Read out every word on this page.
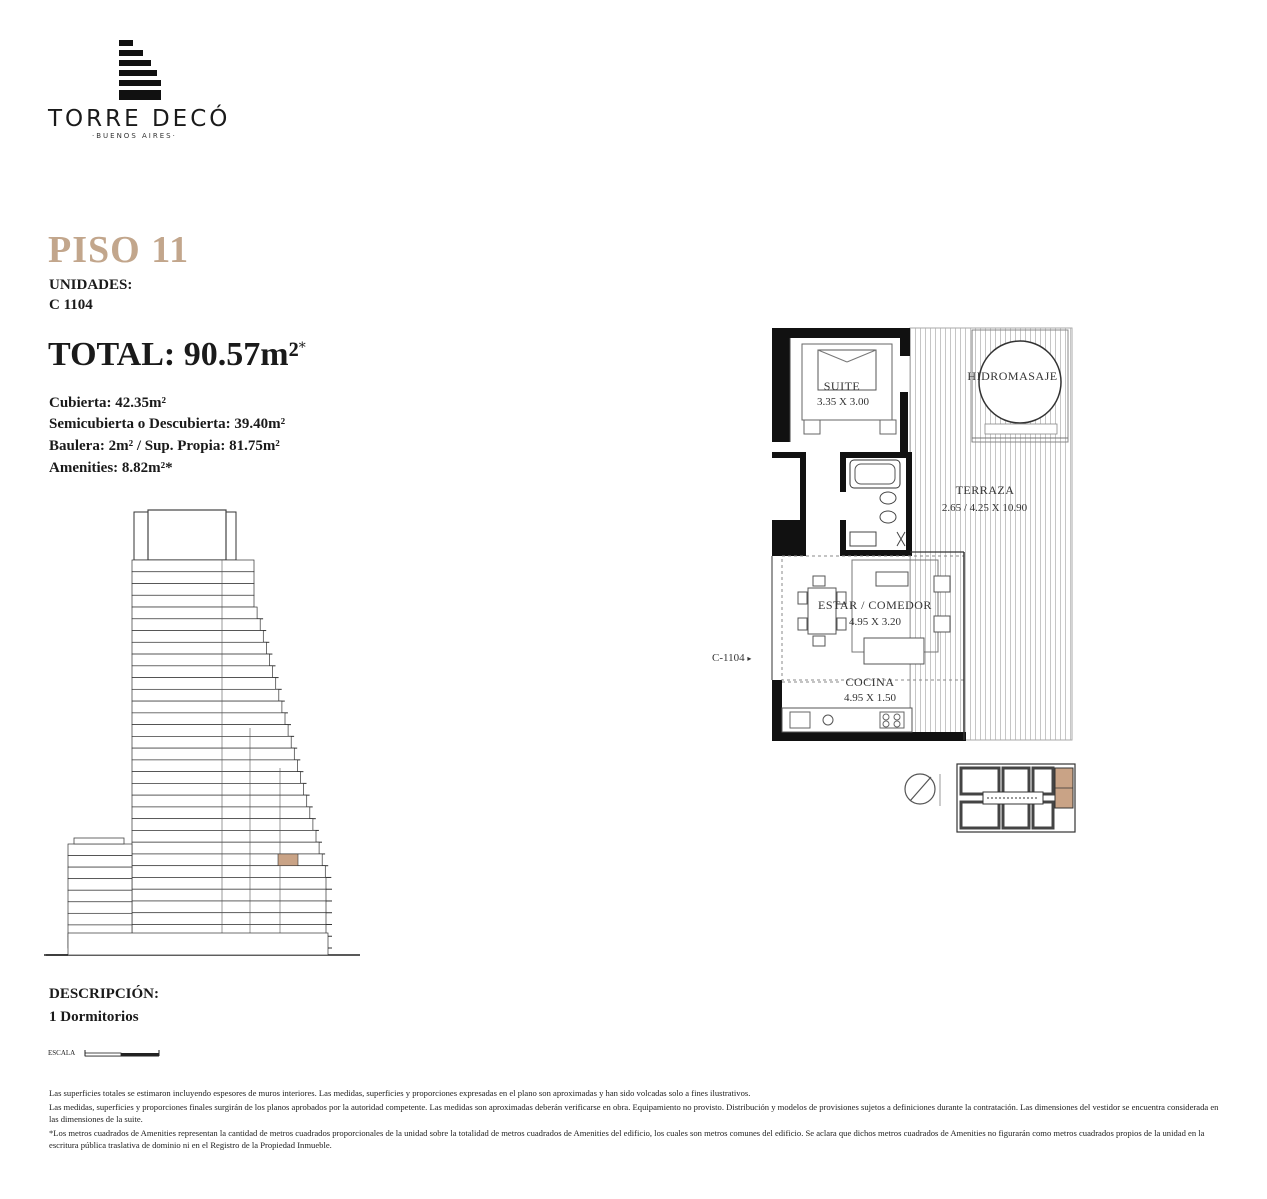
TORRE DECÓ
·BUENOS AIRES·
PISO 11
UNIDADES:
C 1104
TOTAL: 90.57m²*
Cubierta: 42.35m²
Semicubierta o Descubierta: 39.40m²
Baulera: 2m² / Sup. Propia: 81.75m²
Amenities: 8.82m²*
DESCRIPCIÓN:
1 Dormitorios
ESCALA
Las superficies totales se estimaron incluyendo espesores de muros interiores. Las medidas, superficies y proporciones expresadas en el plano son aproximadas y han sido volcadas solo a fines ilustrativos.
Las medidas, superficies y proporciones finales surgirán de los planos aprobados por la autoridad competente. Las medidas son aproximadas deberán verificarse en obra. Equipamiento no provisto. Distribución y modelos de provisiones sujetos a definiciones durante la contratación. Las dimensiones del vestidor se encuentra considerada en las dimensiones de la suite.
*Los metros cuadrados de Amenities representan la cantidad de metros cuadrados proporcionales de la unidad sobre la totalidad de metros cuadrados de Amenities del edificio, los cuales son metros comunes del edificio. Se aclara que dichos metros cuadrados de Amenities no figurarán como metros cuadrados propios de la unidad en la escritura pública traslativa de dominio ni en el Registro de la Propiedad Inmueble.
SUITE
3.35 X 3.00
HIDROMASAJE
TERRAZA
2.65 / 4.25 X 10.90
ESTAR / COMEDOR
4.95 X 3.20
COCINA
4.95 X 1.50
C-1104 ▸
